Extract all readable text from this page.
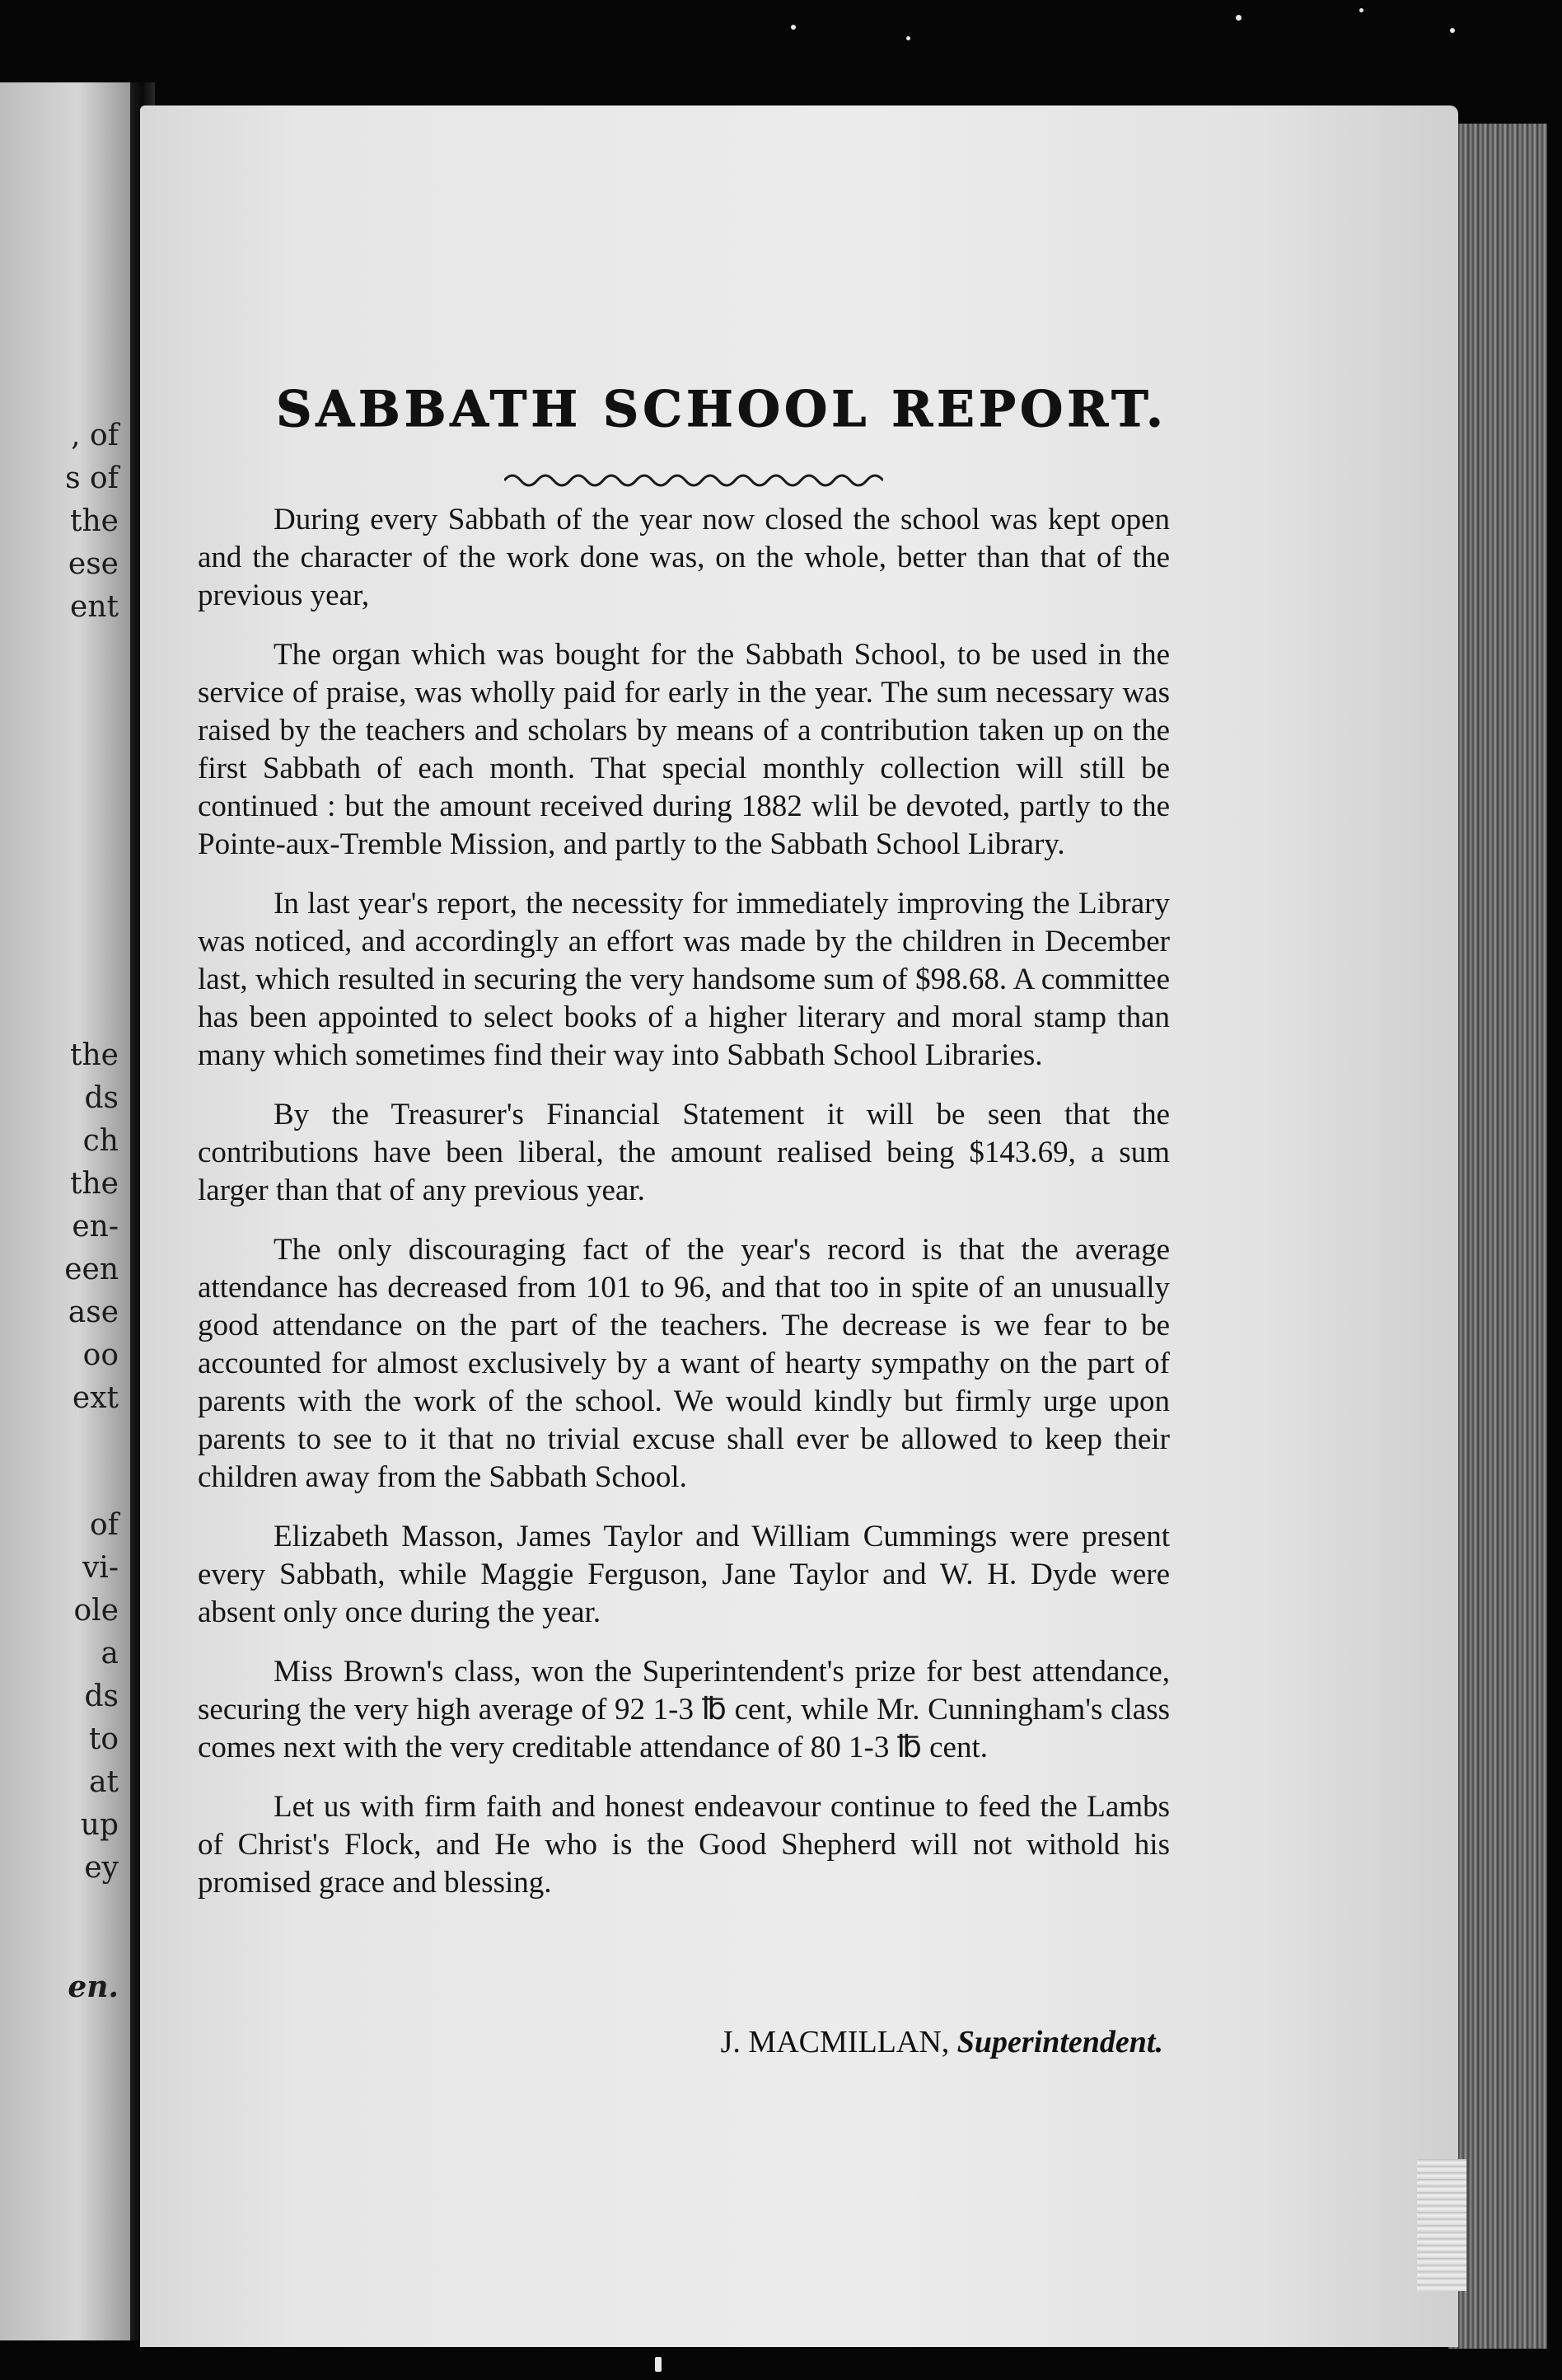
, of
s of
the
ese
ent
the
ds
ch
the
en-
een
ase
oo
ext
of
vi-
ole
a
ds
to
at
up
ey
en.
SABBATH SCHOOL REPORT.

During every Sabbath of the year now closed the school was kept open and the character of the work done was, on the whole, better than that of the previous year,

The organ which was bought for the Sabbath School, to be used in the service of praise, was wholly paid for early in the year. The sum necessary was raised by the teachers and scholars by means of a contribution taken up on the first Sabbath of each month. That special monthly collection will still be continued : but the amount received during 1882 wlil be devoted, partly to the Pointe-aux-Tremble Mission, and partly to the Sabbath School Library.

In last year's report, the necessity for immediately improving the Library was noticed, and accordingly an effort was made by the children in December last, which resulted in securing the very handsome sum of $98.68. A committee has been appointed to select books of a higher literary and moral stamp than many which sometimes find their way into Sabbath School Libraries.

By the Treasurer's Financial Statement it will be seen that the contributions have been liberal, the amount realised being $143.69, a sum larger than that of any previous year.

The only discouraging fact of the year's record is that the average attendance has decreased from 101 to 96, and that too in spite of an unusually good attendance on the part of the teachers. The decrease is we fear to be accounted for almost exclusively by a want of hearty sympathy on the part of parents with the work of the school. We would kindly but firmly urge upon parents to see to it that no trivial excuse shall ever be allowed to keep their children away from the Sabbath School.

Elizabeth Masson, James Taylor and William Cummings were present every Sabbath, while Maggie Ferguson, Jane Taylor and W. H. Dyde were absent only once during the year.

Miss Brown's class, won the Superintendent's prize for best attendance, securing the very high average of 92 1-3 ℔ cent, while Mr. Cunningham's class comes next with the very creditable attendance of 80 1-3 ℔ cent.

Let us with firm faith and honest endeavour continue to feed the Lambs of Christ's Flock, and He who is the Good Shepherd will not withold his promised grace and blessing.

J. MACMILLAN, Superintendent.
